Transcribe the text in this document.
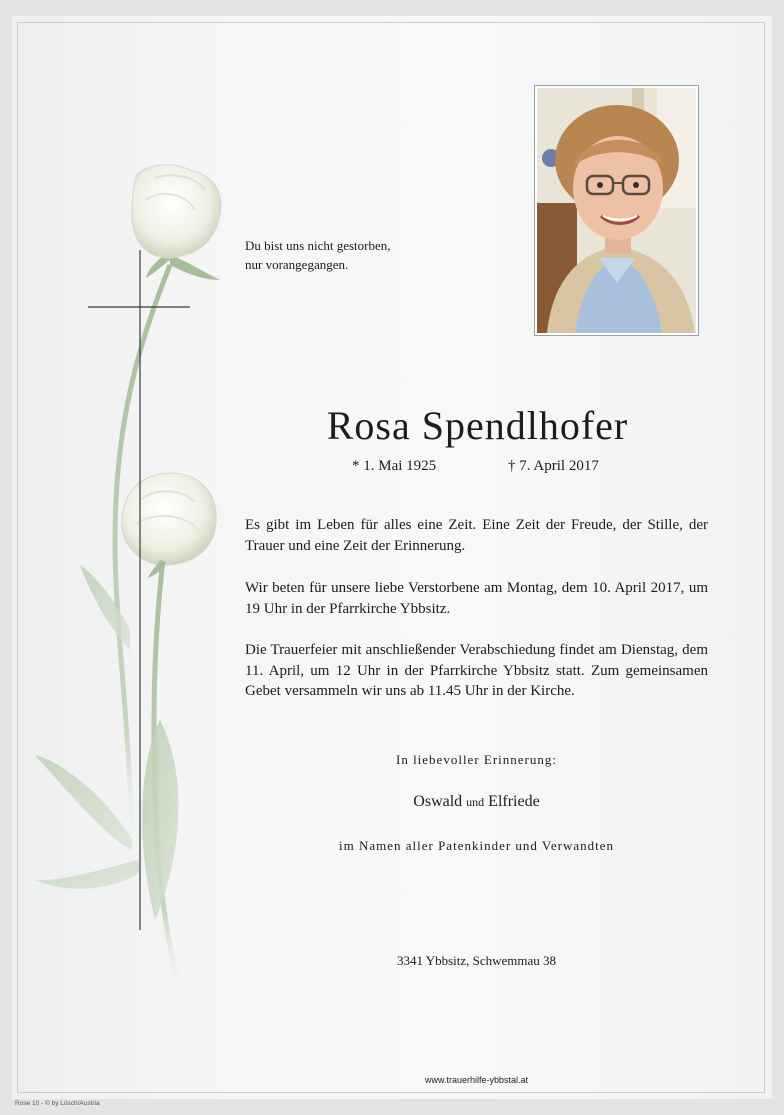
Du bist uns nicht gestorben,
nur vorangegangen.
Rosa Spendlhofer
* 1. Mai 1925	† 7. April 2017

Es gibt im Leben für alles eine Zeit. Eine Zeit der Freude, der Stille, der Trauer und eine Zeit der Erinnerung.

Wir beten für unsere liebe Verstorbene am Montag, dem 10. April 2017, um 19 Uhr in der Pfarrkirche Ybbsitz.

Die Trauerfeier mit anschließender Verabschiedung findet am Dienstag, dem 11. April, um 12 Uhr in der Pfarrkirche Ybbsitz statt. Zum gemeinsamen Gebet versammeln wir uns ab 11.45 Uhr in der Kirche.

In liebevoller Erinnerung:

Oswald und Elfriede

im Namen aller Patenkinder und Verwandten

3341 Ybbsitz, Schwemmau 38

www.trauerhilfe-ybbstal.at
Rose 10 - © by Lösch/Austria
